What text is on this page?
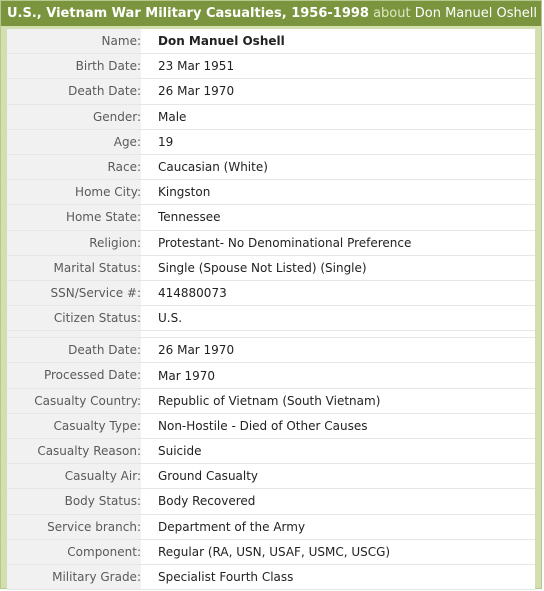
U.S., Vietnam War Military Casualties, 1956-1998 about Don Manuel Oshell
Name:	Don Manuel Oshell
Birth Date:	23 Mar 1951
Death Date:	26 Mar 1970
Gender:	Male
Age:	19
Race:	Caucasian (White)
Home City:	Kingston
Home State:	Tennessee
Religion:	Protestant- No Denominational Preference
Marital Status:	Single (Spouse Not Listed) (Single)
SSN/Service #:	414880073
Citizen Status:	U.S.
Death Date:	26 Mar 1970
Processed Date:	Mar 1970
Casualty Country:	Republic of Vietnam (South Vietnam)
Casualty Type:	Non-Hostile - Died of Other Causes
Casualty Reason:	Suicide
Casualty Air:	Ground Casualty
Body Status:	Body Recovered
Service branch:	Department of the Army
Component:	Regular (RA, USN, USAF, USMC, USCG)
Military Grade:	Specialist Fourth Class
